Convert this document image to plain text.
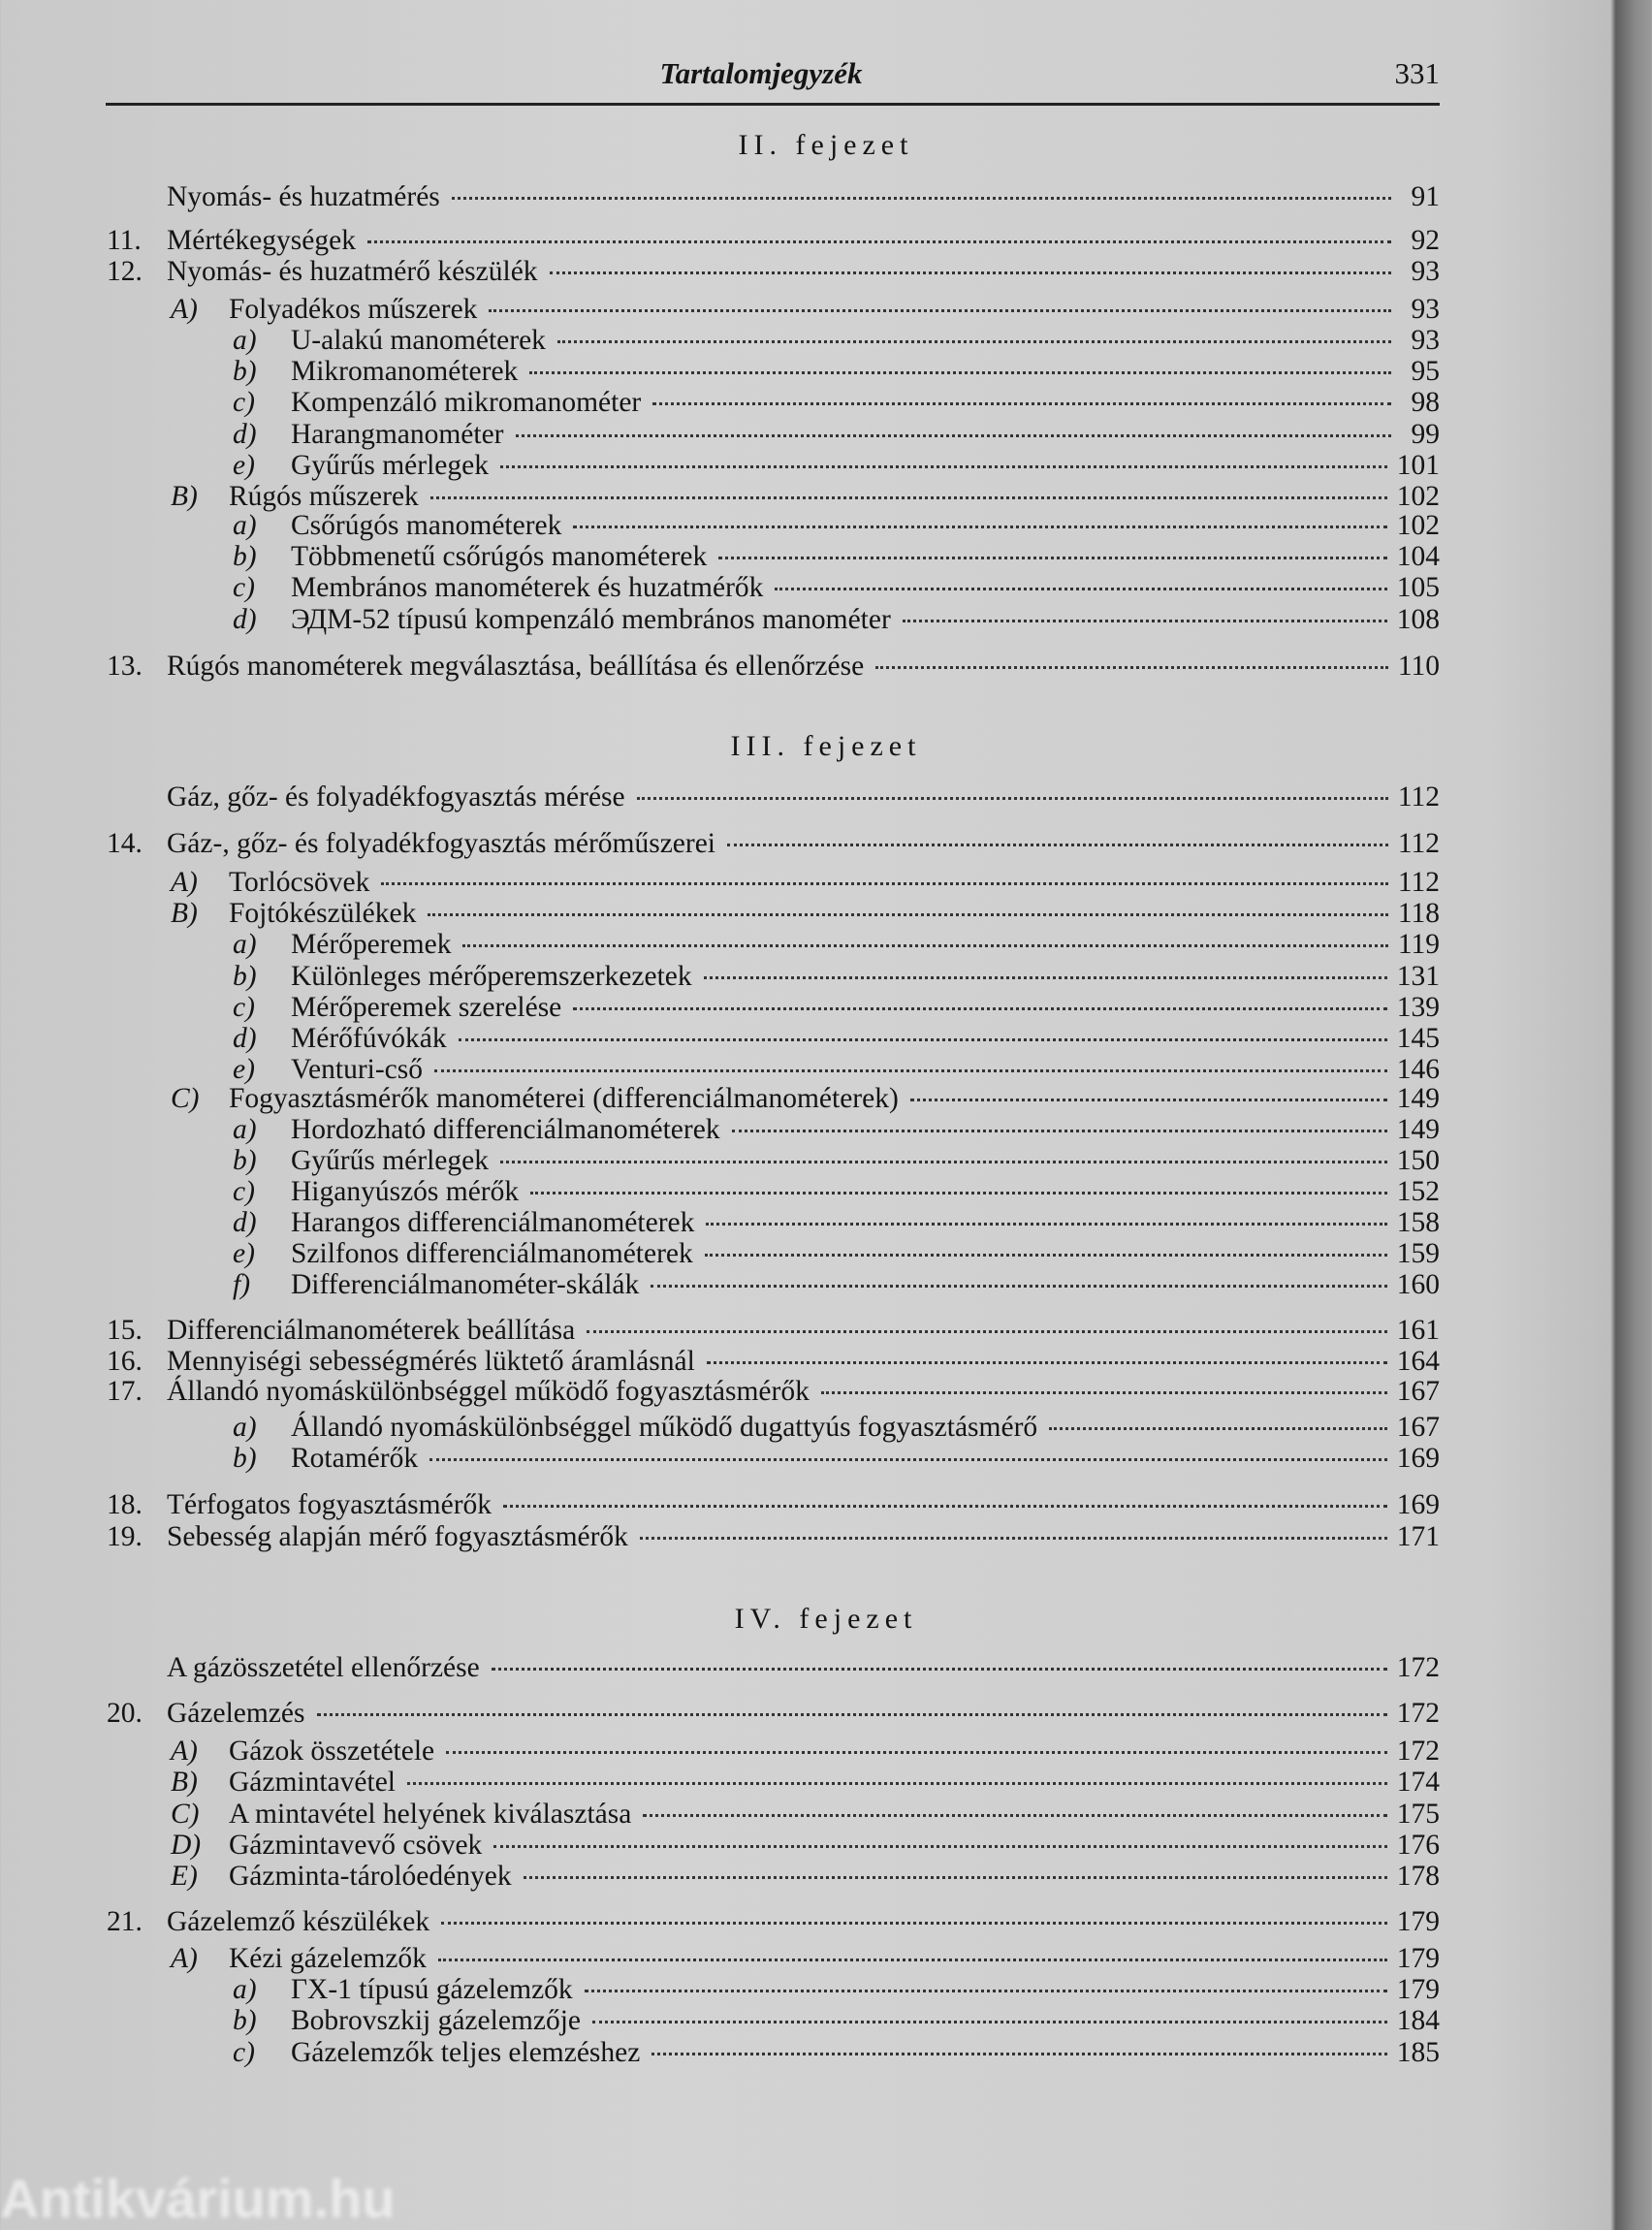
Tartalomjegyzék	331
II. fejezet
Nyomás- és huzatmérés	91
11. Mértékegységek	92
12. Nyomás- és huzatmérő készülék	93
A)	Folyadékos műszerek	93
a)	U-alakú manométerek	93
b)	Mikromanométerek	95
c)	Kompenzáló mikromanométer	98
d)	Harangmanométer	99
e)	Gyűrűs mérlegek	101
B)	Rúgós műszerek	102
a)	Csőrúgós manométerek	102
b)	Többmenetű csőrúgós manométerek	104
c)	Membrános manométerek és huzatmérők	105
d)	ЭДМ-52 típusú kompenzáló membrános manométer	108
13. Rúgós manométerek megválasztása, beállítása és ellenőrzése	110
III. fejezet
Gáz, gőz- és folyadékfogyasztás mérése	112
14. Gáz-, gőz- és folyadékfogyasztás mérőműszerei	112
A)	Torlócsövek	112
B)	Fojtókészülékek	118
a)	Mérőperemek	119
b)	Különleges mérőperemszerkezetek	131
c)	Mérőperemek szerelése	139
d)	Mérőfúvókák	145
e)	Venturi-cső	146
C)	Fogyasztásmérők manométerei (differenciálmanométerek)	149
a)	Hordozható differenciálmanométerek	149
b)	Gyűrűs mérlegek	150
c)	Higanyúszós mérők	152
d)	Harangos differenciálmanométerek	158
e)	Szilfonos differenciálmanométerek	159
f)	Differenciálmanométer-skálák	160
15. Differenciálmanométerek beállítása	161
16. Mennyiségi sebességmérés lüktető áramlásnál	164
17. Állandó nyomáskülönbséggel működő fogyasztásmérők	167
a)	Állandó nyomáskülönbséggel működő dugattyús fogyasztásmérő	167
b)	Rotamérők	169
18. Térfogatos fogyasztásmérők	169
19. Sebesség alapján mérő fogyasztásmérők	171
IV. fejezet
A gázösszetétel ellenőrzése	172
20. Gázelemzés	172
A)	Gázok összetétele	172
B)	Gázmintavétel	174
C)	A mintavétel helyének kiválasztása	175
D) Gázmintavevő csövek	176
E)	Gázminta-tárolóedények	178
21. Gázelemző készülékek	179
A)	Kézi gázelemzők	179
a)	ГХ-1 típusú gázelemzők	179
b)	Bobrovszkij gázelemzője	184
c)	Gázelemzők teljes elemzéshez	185
Antikvárium.hu
